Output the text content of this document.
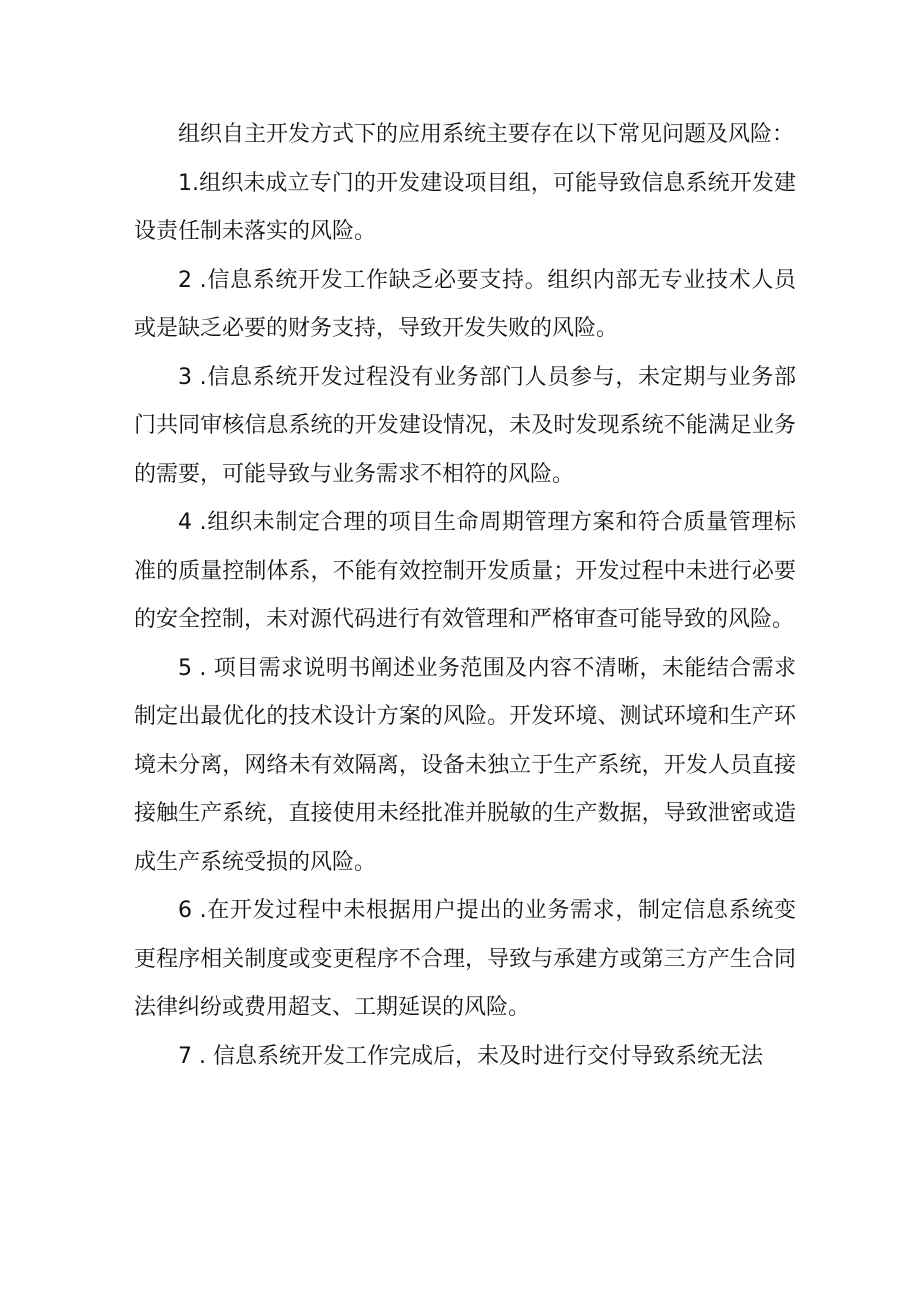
组织自主开发方式下的应用系统主要存在以下常见问题及风险：

1.组织未成立专门的开发建设项目组，可能导致信息系统开发建设责任制未落实的风险。

2 .信息系统开发工作缺乏必要支持。组织内部无专业技术人员或是缺乏必要的财务支持，导致开发失败的风险。

3 .信息系统开发过程没有业务部门人员参与，未定期与业务部门共同审核信息系统的开发建设情况，未及时发现系统不能满足业务的需要，可能导致与业务需求不相符的风险。

4 .组织未制定合理的项目生命周期管理方案和符合质量管理标准的质量控制体系，不能有效控制开发质量；开发过程中未进行必要的安全控制，未对源代码进行有效管理和严格审查可能导致的风险。

5 . 项目需求说明书阐述业务范围及内容不清晰，未能结合需求制定出最优化的技术设计方案的风险。开发环境、测试环境和生产环境未分离，网络未有效隔离，设备未独立于生产系统，开发人员直接接触生产系统，直接使用未经批准并脱敏的生产数据，导致泄密或造成生产系统受损的风险。

6 .在开发过程中未根据用户提出的业务需求，制定信息系统变更程序相关制度或变更程序不合理，导致与承建方或第三方产生合同法律纠纷或费用超支、工期延误的风险。

7 . 信息系统开发工作完成后，未及时进行交付导致系统无法
